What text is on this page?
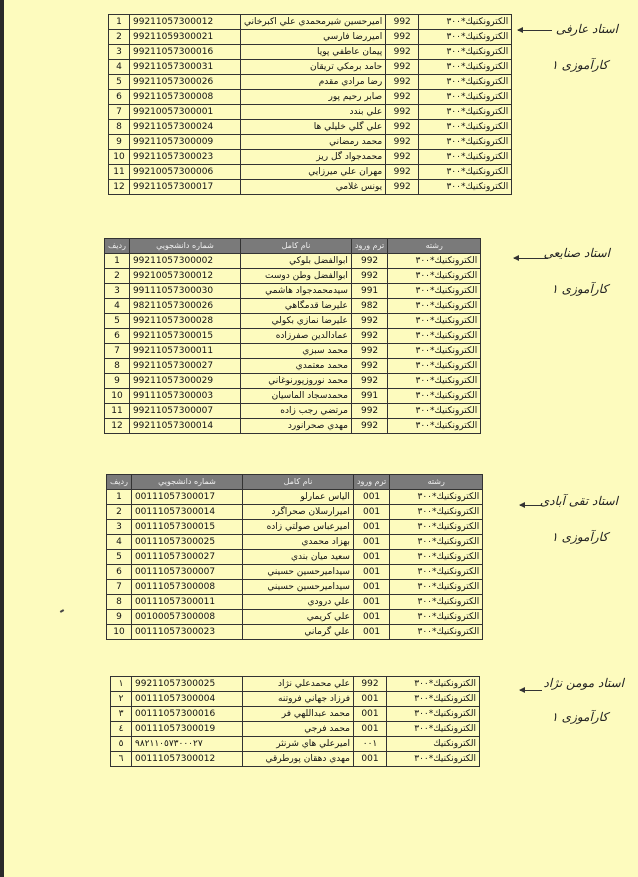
الكترونكنيك*٣٠٠	992	اميرحسين شيرمحمدي علي اكبرخاني	99211057300012	1
الكترونكنيك*٣٠٠	992	اميررضا فارسي	99211059300021	2
الكترونكنيك*٣٠٠	992	پيمان عاطفي پويا	99211057300016	3
الكترونكنيك*٣٠٠	992	حامد برمكي تريقان	99211057300031	4
الكترونكنيك*٣٠٠	992	رضا مرادي مقدم	99211057300026	5
الكترونكنيك*٣٠٠	992	صابر رحيم پور	99211057300008	6
الكترونكنيك*٣٠٠	992	علي بندد	99210057300001	7
الكترونكنيك*٣٠٠	992	علي گلي خليلي ها	99211057300024	8
الكترونكنيك*٣٠٠	992	محمد رمضاني	99211057300009	9
الكترونكنيك*٣٠٠	992	محمدجواد گل ريز	99211057300023	10
الكترونكنيك*٣٠٠	992	مهران علي ميرزايي	99210057300006	11
الكترونكنيك*٣٠٠	992	يونس غلامي	99211057300017	12
استاد عارفی
کارآموزی ۱
رشته	ترم ورود	نام كامل	شماره دانشجويي	رديف
الكترونكنيك*٣٠٠	992	ابوالفضل بلوكي	99211057300002	1
الكترونكنيك*٣٠٠	992	ابوالفضل وطن دوست	99210057300012	2
الكترونكنيك*٣٠٠	991	سيدمحمدجواد هاشمي	99111057300030	3
الكترونكنيك*٣٠٠	982	عليرضا قدمگاهي	98211057300026	4
الكترونكنيك*٣٠٠	992	عليرضا نمازي بكولي	99211057300028	5
الكترونكنيك*٣٠٠	992	عمادالدين صفرزاده	99211057300015	6
الكترونكنيك*٣٠٠	992	محمد سبزي	99211057300011	7
الكترونكنيك*٣٠٠	992	محمد معتمدي	99211057300027	8
الكترونكنيك*٣٠٠	992	محمد نوروزپورنوغاني	99211057300029	9
الكترونكنيك*٣٠٠	991	محمدسجاد الماسيان	99111057300003	10
الكترونكنيك*٣٠٠	992	مرتضي رجب زاده	99211057300007	11
الكترونكنيك*٣٠٠	992	مهدي صحرانورد	99211057300014	12
استاد صنایعی
کارآموزی ۱
رشته	ترم ورود	نام كامل	شماره دانشجويي	رديف
الكترونكنيك*٣٠٠	001	الياس عمارلو	00111057300017	1
الكترونكنيك*٣٠٠	001	اميرارسلان صحراگرد	00111057300014	2
الكترونكنيك*٣٠٠	001	اميرعباس صولتي زاده	00111057300015	3
الكترونكنيك*٣٠٠	001	بهزاد محمدي	00111057300025	4
الكترونكنيك*٣٠٠	001	سعيد ميان بندي	00111057300027	5
الكترونكنيك*٣٠٠	001	سيداميرحسين حسيني	00111057300007	6
الكترونكنيك*٣٠٠	001	سيداميرحسين حسيني	00111057300008	7
الكترونكنيك*٣٠٠	001	علي درودي	00111057300011	8
الكترونكنيك*٣٠٠	001	علي كريمي	00100057300008	9
الكترونكنيك*٣٠٠	001	علي گرماني	00111057300023	10
استاد تقی آبادی
کارآموزی ۱
الكترونكنيك*٣٠٠	992	علي محمدعلي نژاد	99211057300025	١
الكترونكنيك*٣٠٠	001	فرزاد جهاني فروتنه	00111057300004	٢
الكترونكنيك*٣٠٠	001	محمد عبداللهي فر	00111057300016	٣
الكترونكنيك*٣٠٠	001	محمد فرجي	00111057300019	٤
الكترونكنيك	٠٠١	اميرعلي هاي شرنثر	٩٨٢١١٠٥٧٣٠٠٠٢٧	٥
الكترونكنيك*٣٠٠	001	مهدي دهقان پورطرقي	00111057300012	٦
استاد مومن نژاد
کارآموزی ۱
